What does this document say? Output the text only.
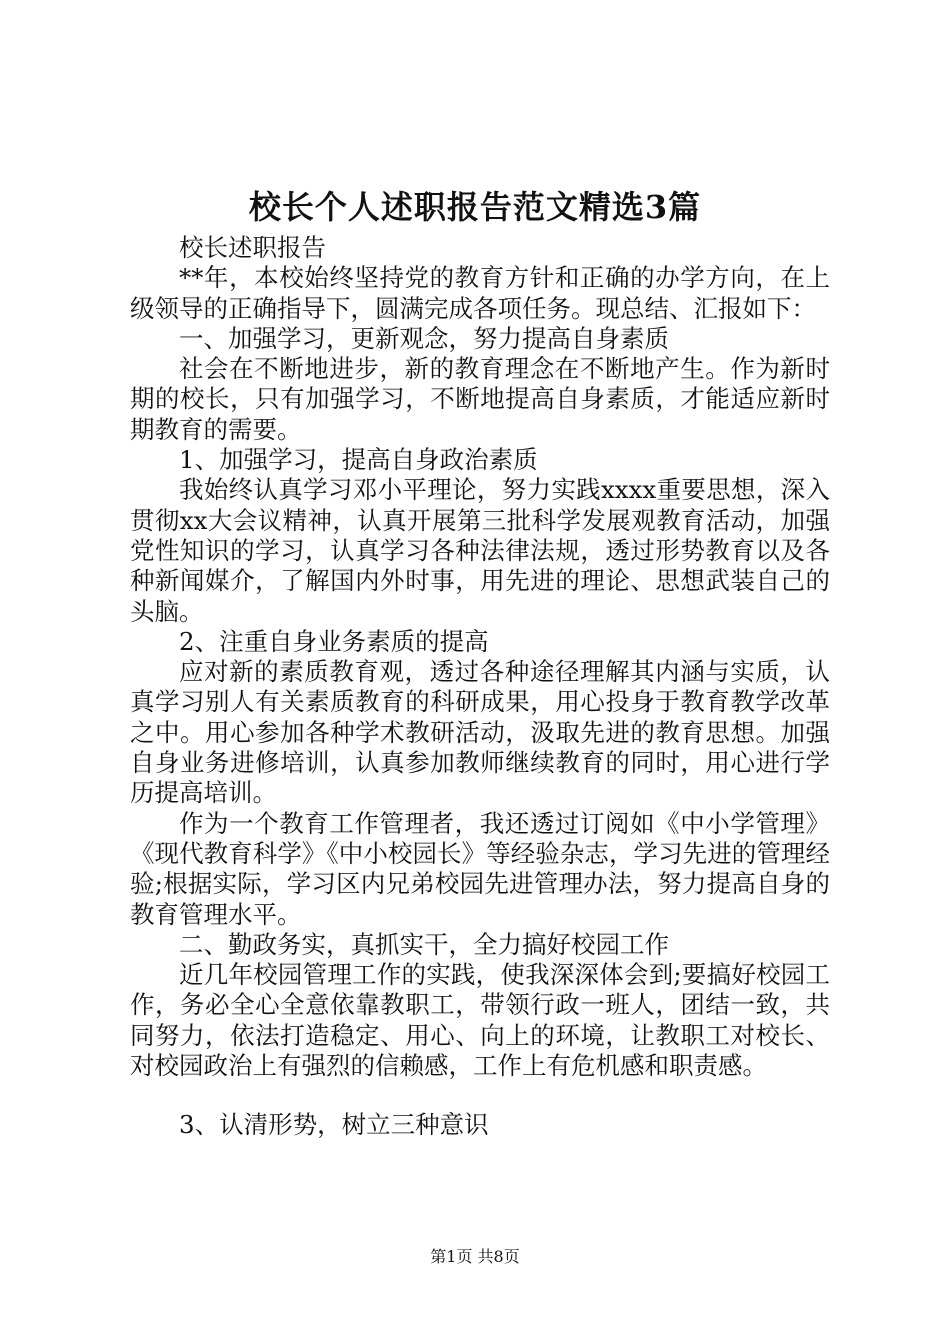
校长个人述职报告范文精选3篇

校长述职报告

**年，本校始终坚持党的教育方针和正确的办学方向，在上级领导的正确指导下，圆满完成各项任务。现总结、汇报如下：

一、加强学习，更新观念，努力提高自身素质

社会在不断地进步，新的教育理念在不断地产生。作为新时期的校长，只有加强学习，不断地提高自身素质，才能适应新时期教育的需要。

1、加强学习，提高自身政治素质

我始终认真学习邓小平理论，努力实践xxxx重要思想，深入贯彻xx大会议精神，认真开展第三批科学发展观教育活动，加强党性知识的学习，认真学习各种法律法规，透过形势教育以及各种新闻媒介，了解国内外时事，用先进的理论、思想武装自己的头脑。

2、注重自身业务素质的提高

应对新的素质教育观，透过各种途径理解其内涵与实质，认真学习别人有关素质教育的科研成果，用心投身于教育教学改革之中。用心参加各种学术教研活动，汲取先进的教育思想。加强自身业务进修培训，认真参加教师继续教育的同时，用心进行学历提高培训。

作为一个教育工作管理者，我还透过订阅如《中小学管理》《现代教育科学》《中小校园长》等经验杂志，学习先进的管理经验;根据实际，学习区内兄弟校园先进管理办法，努力提高自身的教育管理水平。

二、勤政务实，真抓实干，全力搞好校园工作

近几年校园管理工作的实践，使我深深体会到;要搞好校园工作，务必全心全意依靠教职工，带领行政一班人，团结一致，共同努力，依法打造稳定、用心、向上的环境，让教职工对校长、对校园政治上有强烈的信赖感，工作上有危机感和职责感。

3、认清形势，树立三种意识

第1页 共8页
